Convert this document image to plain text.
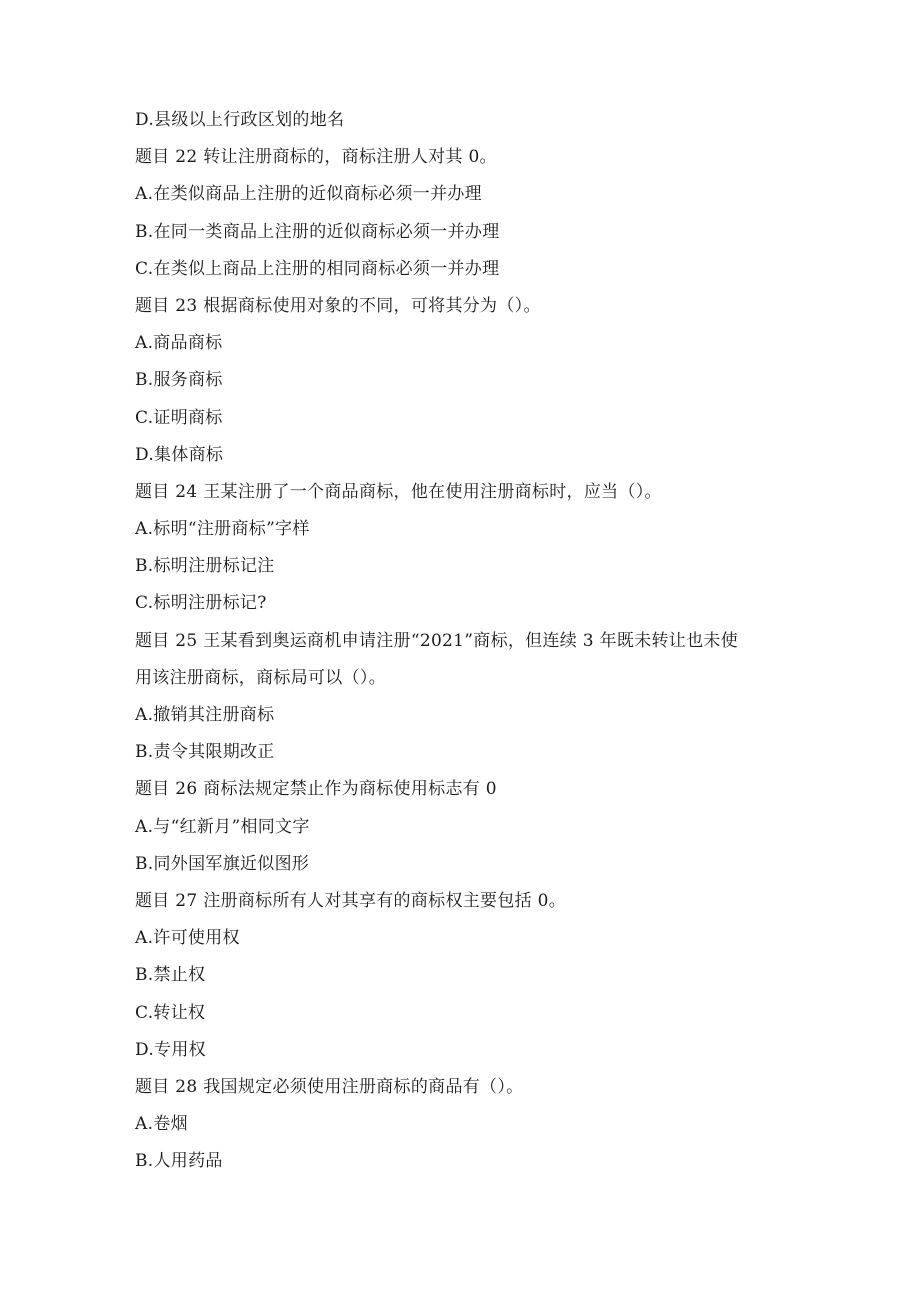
D.县级以上行政区划的地名
题目 22 转让注册商标的，商标注册人对其 0。
A.在类似商品上注册的近似商标必须一并办理
B.在同一类商品上注册的近似商标必须一并办理
C.在类似上商品上注册的相同商标必须一并办理
题目 23 根据商标使用对象的不同，可将其分为（）。
A.商品商标
B.服务商标
C.证明商标
D.集体商标
题目 24 王某注册了一个商品商标，他在使用注册商标时，应当（）。
A.标明“注册商标”字样
B.标明注册标记注
C.标明注册标记?
题目 25 王某看到奥运商机申请注册“2021”商标，但连续 3 年既未转让也未使
用该注册商标，商标局可以（）。
A.撤销其注册商标
B.责令其限期改正
题目 26 商标法规定禁止作为商标使用标志有 0
A.与“红新月”相同文字
B.同外国军旗近似图形
题目 27 注册商标所有人对其享有的商标权主要包括 0。
A.许可使用权
B.禁止权
C.转让权
D.专用权
题目 28 我国规定必须使用注册商标的商品有（）。
A.卷烟
B.人用药品
